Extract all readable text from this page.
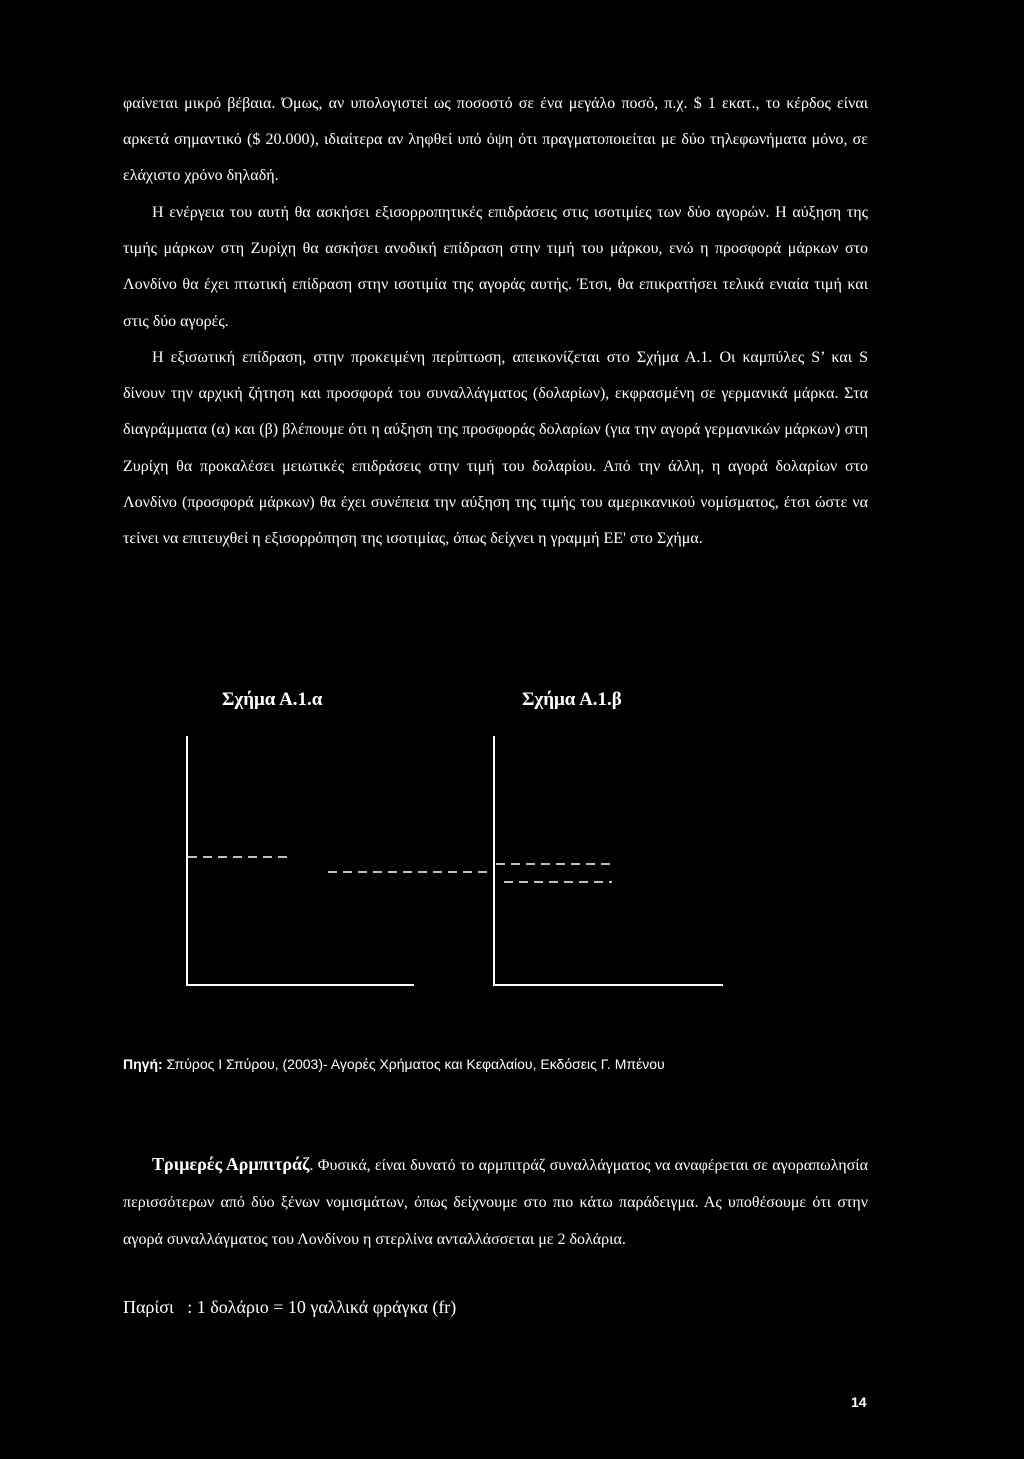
φαίνεται μικρό βέβαια. Όμως, αν υπολογιστεί ως ποσοστό σε ένα μεγάλο ποσό, π.χ. $ 1 εκατ., το κέρδος είναι αρκετά σημαντικό ($ 20.000), ιδιαίτερα αν ληφθεί υπό όψη ότι πραγματοποιείται με δύο τηλεφωνήματα μόνο, σε ελάχιστο χρόνο δηλαδή.

Η ενέργεια του αυτή θα ασκήσει εξισορροπητικές επιδράσεις στις ισοτιμίες των δύο αγορών. Η αύξηση της τιμής μάρκων στη Ζυρίχη θα ασκήσει ανοδική επίδραση στην τιμή του μάρκου, ενώ η προσφορά μάρκων στο Λονδίνο θα έχει πτωτική επίδραση στην ισοτιμία της αγοράς αυτής. Έτσι, θα επικρατήσει τελικά ενιαία τιμή και στις δύο αγορές.

Η εξισωτική επίδραση, στην προκειμένη περίπτωση, απεικονίζεται στο Σχήμα Α.1. Οι καμπύλες S’ και S δίνουν την αρχική ζήτηση και προσφορά του συναλλάγματος (δολαρίων), εκφρασμένη σε γερμανικά μάρκα. Στα διαγράμματα (α) και (β) βλέπουμε ότι η αύξηση της προσφοράς δολαρίων (για την αγορά γερμανικών μάρκων) στη Ζυρίχη θα προκαλέσει μειωτικές επιδράσεις στην τιμή του δολαρίου. Από την άλλη, η αγορά δολαρίων στο Λονδίνο (προσφορά μάρκων) θα έχει συνέπεια την αύξηση της τιμής του αμερικανικού νομίσματος, έτσι ώστε να τείνει να επιτευχθεί η εξισορρόπηση της ισοτιμίας, όπως δείχνει η γραμμή ΕΕ' στο Σχήμα.

Σχήμα Α.1.α	Σχήμα Α.1.β
Πηγή: Σπύρος Ι Σπύρου, (2003)- Αγορές Χρήματος και Κεφαλαίου, Εκδόσεις Γ. Μπένου

Τριμερές Αρμπιτράζ. Φυσικά, είναι δυνατό το αρμπιτράζ συναλλάγματος να αναφέρεται σε αγοραπωλησία περισσότερων από δύο ξένων νομισμάτων, όπως δείχνουμε στο πιο κάτω παράδειγμα. Ας υποθέσουμε ότι στην αγορά συναλλάγματος του Λονδίνου η στερλίνα ανταλλάσσεται με 2 δολάρια.

Παρίσι   : 1 δολάριο = 10 γαλλικά φράγκα (fr)
14
